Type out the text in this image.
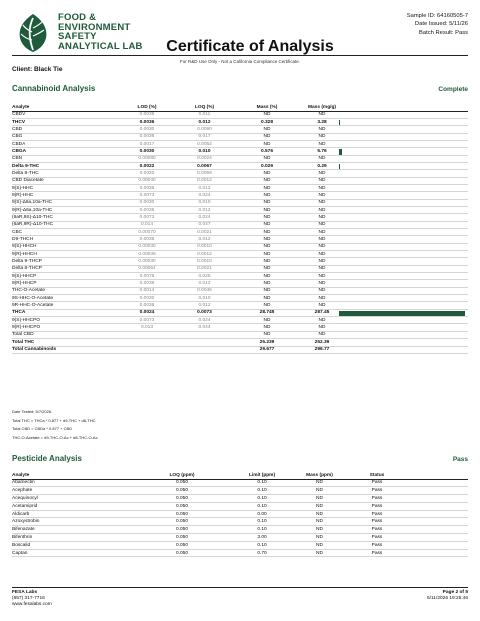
FOOD &
ENVIRONMENT
SAFETY
ANALYTICAL LAB
Sample ID: 64160505-7
Date Issued: 5/11/26
Batch Result: Pass
Certificate of Analysis
For R&D Use Only - Not a California Compliance Certificate.
Client: Black Tie
Cannabinoid Analysis	Complete
Analyte	LOD (%)	LOQ (%)	Mass (%)	Mass (mg/g)	
CBDV	0.0035	0.011	ND	ND	
THCV	0.0036	0.012	0.328	3.28	

CBD	0.0030	0.0090	ND	ND	
CBG	0.0038	0.017	ND	ND	
CBDA	0.0017	0.0052	ND	ND	
CBGA	0.0030	0.010	0.576	5.76	

CBN	0.00080	0.0024	ND	ND	
Delta 9-THC	0.0022	0.0067	0.029	0.29	

Delta 8-THC	0.0020	0.0059	ND	ND	
CBD Diacetate	0.00040	0.0012	ND	ND	
9(S)-HHC	0.0036	0.012	ND	ND	
9(R)-HHC	0.0073	0.024	ND	ND	
9(S)-Δ6a,10a-THC	0.0030	0.010	ND	ND	
9(R)-Δ6a,10a-THC	0.0036	0.012	ND	ND	
(6aR,9S)-Δ10-THC	0.0073	0.024	ND	ND	
(6aR,9R)-Δ10-THC	0.014	0.047	ND	ND	
CBC	0.00070	0.0021	ND	ND	
D9-THCH	0.0036	0.012	ND	ND	
9(S)-HHCH	0.00030	0.0010	ND	ND	
9(R)-HHCH	0.00036	0.0012	ND	ND	
Delta 9-THCP	0.00030	0.0010	ND	ND	
Delta 8-THCP	0.00064	0.0021	ND	ND	
9(S)-HHCP	0.0076	0.025	ND	ND	
9(R)-HHCP	0.0036	0.012	ND	ND	
THC-O-Acetate	0.0014	0.0046	ND	ND	
9S-HHC-O-Acetate	0.0030	0.010	ND	ND	
9R-HHC-O-Acetate	0.0036	0.012	ND	ND	
THCA	0.0024	0.0073	28.745	287.45	

9(S)-HHCPO	0.0073	0.024	ND	ND	
9(R)-HHCPO	0.013	0.044	ND	ND	
Total CBD			ND	ND	
Total THC			25.239	252.39	
Total Cannabinoids			29.677	296.77	
Date Tested: 5/7/2026.
Total THC = THCa * 0.877 + d9-THC + d8-THC
Total CBD = CBDa * 0.877 + CBD
THC-O-Acetate = d9-THC-O-Ac + d8-THC-O-Ac
Pesticide Analysis	Pass
Analyte	LOQ (ppm)	Limit (ppm)	Mass (ppm)	Status	
Abamectin	0.050	0.10	ND	Pass	
Acephate	0.050	0.10	ND	Pass	
Acequinocyl	0.050	0.10	ND	Pass	
Acetamiprid	0.050	0.10	ND	Pass	
Aldicarb	0.050	0.00	ND	Pass	
Azoxystrobin	0.050	0.10	ND	Pass	
Bifenazate	0.050	0.10	ND	Pass	
Bifenthrin	0.050	3.00	ND	Pass	
Boscalid	0.050	0.10	ND	Pass	
Captan	0.050	0.70	ND	Pass	
FESA Labs
(657) 317-7716
www.fesalabs.com
Page 2 of 5
5/11/2026 19:25:46
